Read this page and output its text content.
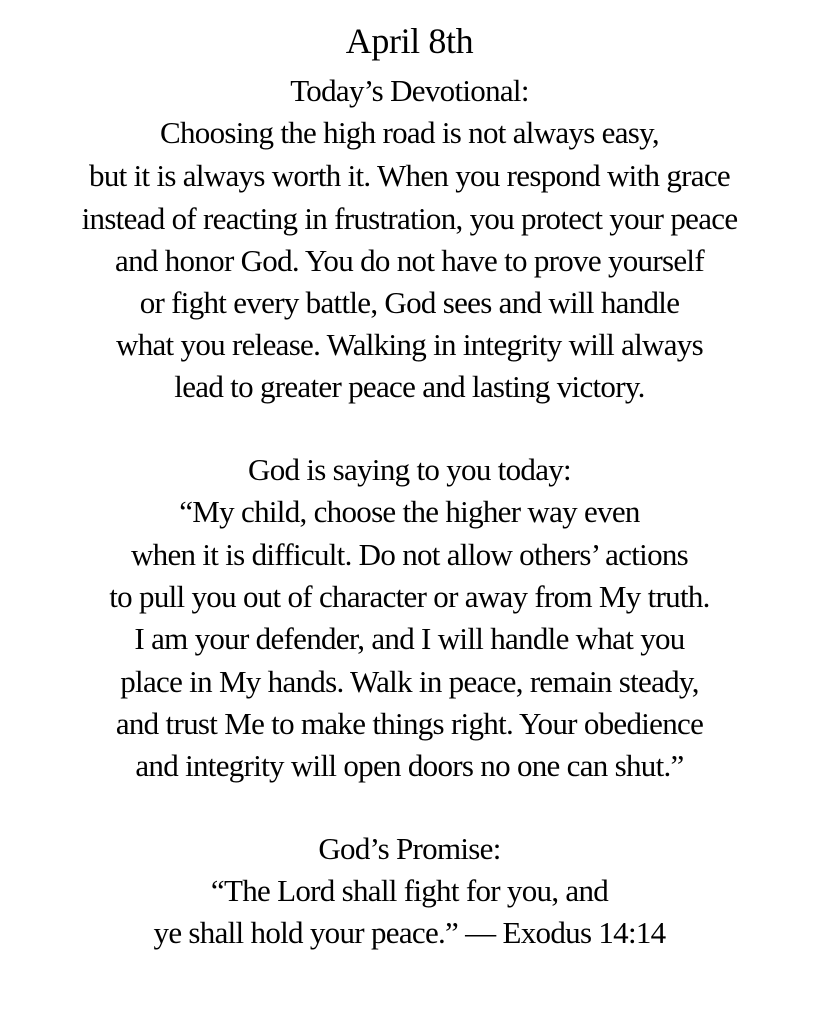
April 8th
Today’s Devotional:
Choosing the high road is not always easy,
but it is always worth it. When you respond with grace
instead of reacting in frustration, you protect your peace
and honor God. You do not have to prove yourself
or fight every battle, God sees and will handle
what you release. Walking in integrity will always
lead to greater peace and lasting victory.
God is saying to you today:
“My child, choose the higher way even
when it is difficult. Do not allow others’ actions
to pull you out of character or away from My truth.
I am your defender, and I will handle what you
place in My hands. Walk in peace, remain steady,
and trust Me to make things right. Your obedience
and integrity will open doors no one can shut.”
God’s Promise:
“The Lord shall fight for you, and
ye shall hold your peace.” — Exodus 14:14
